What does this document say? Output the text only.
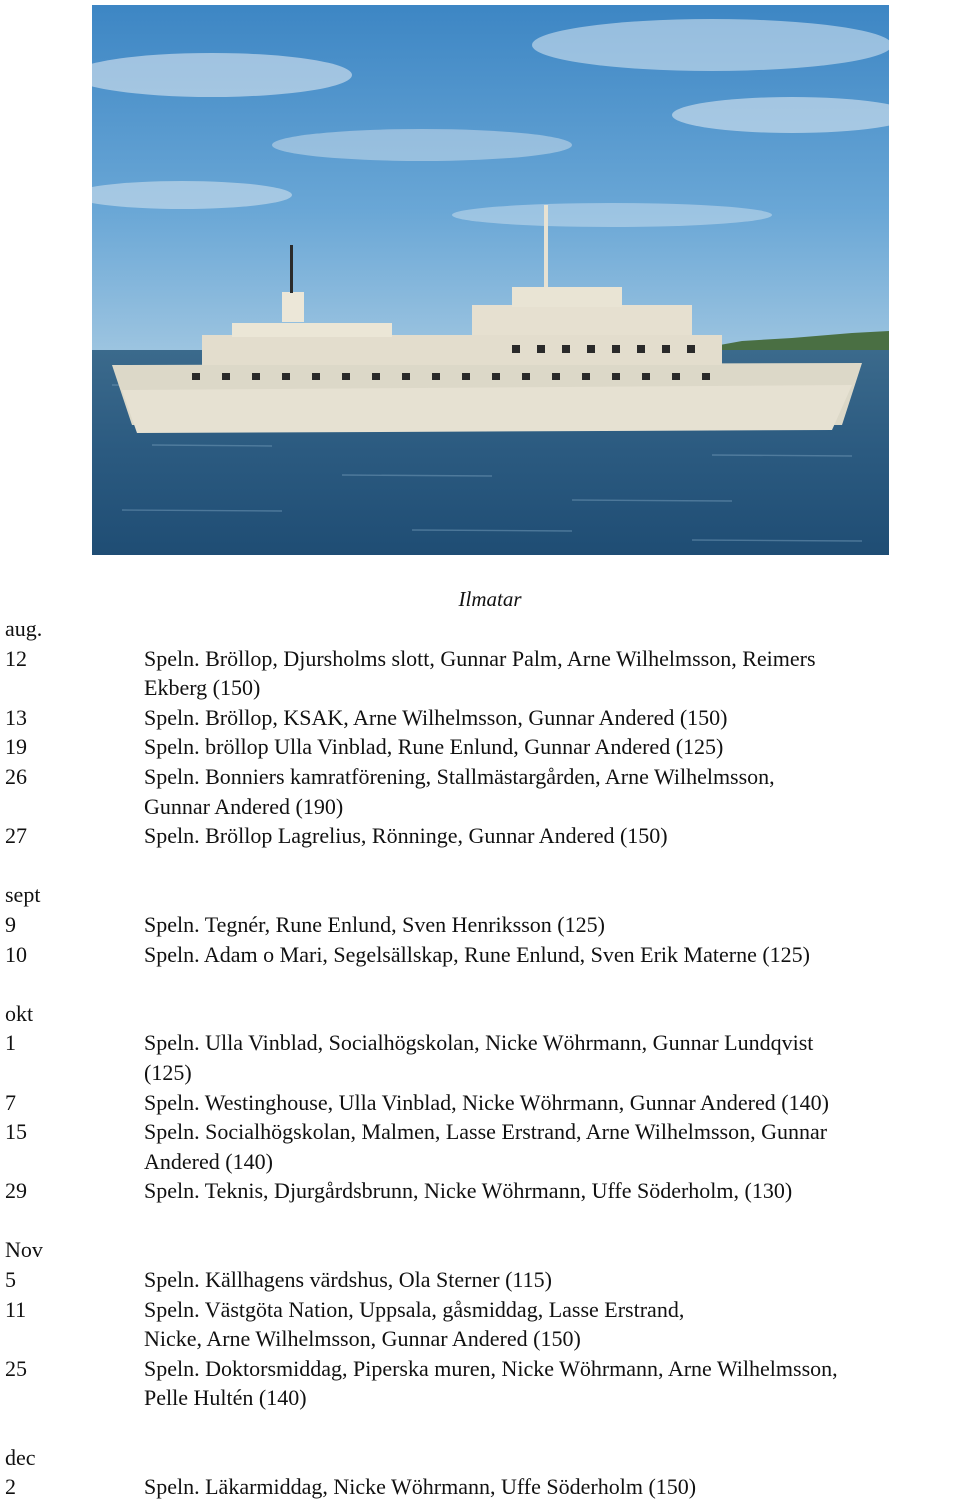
Ilmatar
aug.
12	Speln. Bröllop, Djursholms slott, Gunnar Palm, Arne Wilhelmsson, Reimers
Ekberg (150)
13	Speln. Bröllop, KSAK, Arne Wilhelmsson, Gunnar Andered (150)
19	Speln. bröllop Ulla Vinblad, Rune Enlund, Gunnar Andered (125)
26	Speln. Bonniers kamratförening, Stallmästargården, Arne Wilhelmsson,
Gunnar Andered (190)
27	Speln. Bröllop Lagrelius, Rönninge, Gunnar Andered (150)
sept
9	Speln. Tegnér, Rune Enlund, Sven Henriksson (125)
10	Speln. Adam o Mari, Segelsällskap, Rune Enlund, Sven Erik Materne (125)
okt
1	Speln. Ulla Vinblad, Socialhögskolan, Nicke Wöhrmann, Gunnar Lundqvist
(125)
7	Speln. Westinghouse, Ulla Vinblad, Nicke Wöhrmann, Gunnar Andered (140)
15	Speln. Socialhögskolan, Malmen, Lasse Erstrand, Arne Wilhelmsson, Gunnar
Andered (140)
29	Speln. Teknis, Djurgårdsbrunn, Nicke Wöhrmann, Uffe Söderholm, (130)
Nov
5	Speln. Källhagens värdshus, Ola Sterner (115)
11	Speln. Västgöta Nation, Uppsala, gåsmiddag, Lasse Erstrand,
Nicke, Arne Wilhelmsson, Gunnar Andered (150)
25	Speln. Doktorsmiddag, Piperska muren, Nicke Wöhrmann, Arne Wilhelmsson,
Pelle Hultén (140)
dec
2	Speln. Läkarmiddag, Nicke Wöhrmann, Uffe Söderholm (150)
